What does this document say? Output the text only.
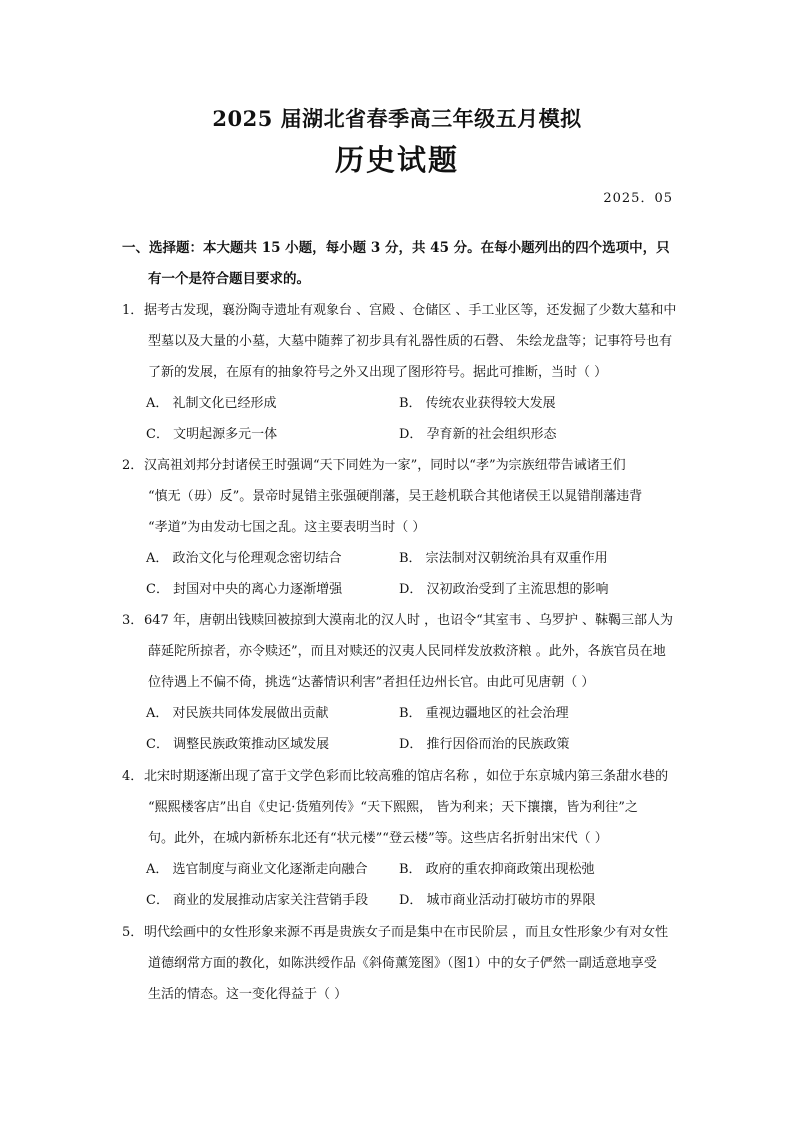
2025 届湖北省春季高三年级五月模拟
历史试题
2025．05
一、选择题：本大题共 15 小题，每小题 3 分，共 45 分。在每小题列出的四个选项中，只
有一个是符合题目要求的。
1．据考古发现，襄汾陶寺遗址有观象台 、宫殿 、仓储区 、手工业区等，还发掘了少数大墓和中
型墓以及大量的小墓，大墓中随葬了初步具有礼器性质的石磬、 朱绘龙盘等；记事符号也有
了新的发展，在原有的抽象符号之外又出现了图形符号。据此可推断，当时（ ）
A． 礼制文化已经形成	B． 传统农业获得较大发展
C． 文明起源多元一体	D． 孕育新的社会组织形态
2．汉高祖刘邦分封诸侯王时强调“天下同姓为一家”，同时以“孝”为宗族纽带告诫诸王们
“慎无（毋）反”。景帝时晁错主张强硬削藩，吴王趁机联合其他诸侯王以晁错削藩违背
“孝道”为由发动七国之乱。这主要表明当时（ ）
A． 政治文化与伦理观念密切结合	B． 宗法制对汉朝统治具有双重作用
C． 封国对中央的离心力逐渐增强	D． 汉初政治受到了主流思想的影响
3．647 年，唐朝出钱赎回被掠到大漠南北的汉人时 ，也诏令“其室韦 、乌罗护 、靺鞨三部人为
薛延陀所掠者，亦令赎还”，而且对赎还的汉夷人民同样发放救济粮 。此外，各族官员在地
位待遇上不偏不倚，挑选“达蕃情识利害”者担任边州长官。由此可见唐朝（ ）
A． 对民族共同体发展做出贡献	B． 重视边疆地区的社会治理
C． 调整民族政策推动区域发展	D． 推行因俗而治的民族政策
4．北宋时期逐渐出现了富于文学色彩而比较高雅的馆店名称 ，如位于东京城内第三条甜水巷的
“熙熙楼客店”出自《史记·货殖列传》“天下熙熙， 皆为利来；天下攘攘，皆为利往”之
句。此外，在城内新桥东北还有“状元楼”“登云楼”等。这些店名折射出宋代（ ）
A． 选官制度与商业文化逐渐走向融合	B． 政府的重农抑商政策出现松弛
C． 商业的发展推动店家关注营销手段	D． 城市商业活动打破坊市的界限
5．明代绘画中的女性形象来源不再是贵族女子而是集中在市民阶层 ，而且女性形象少有对女性
道德纲常方面的教化，如陈洪绶作品《斜倚薰笼图》（图1）中的女子俨然一副适意地享受
生活的情态。这一变化得益于（ ）
